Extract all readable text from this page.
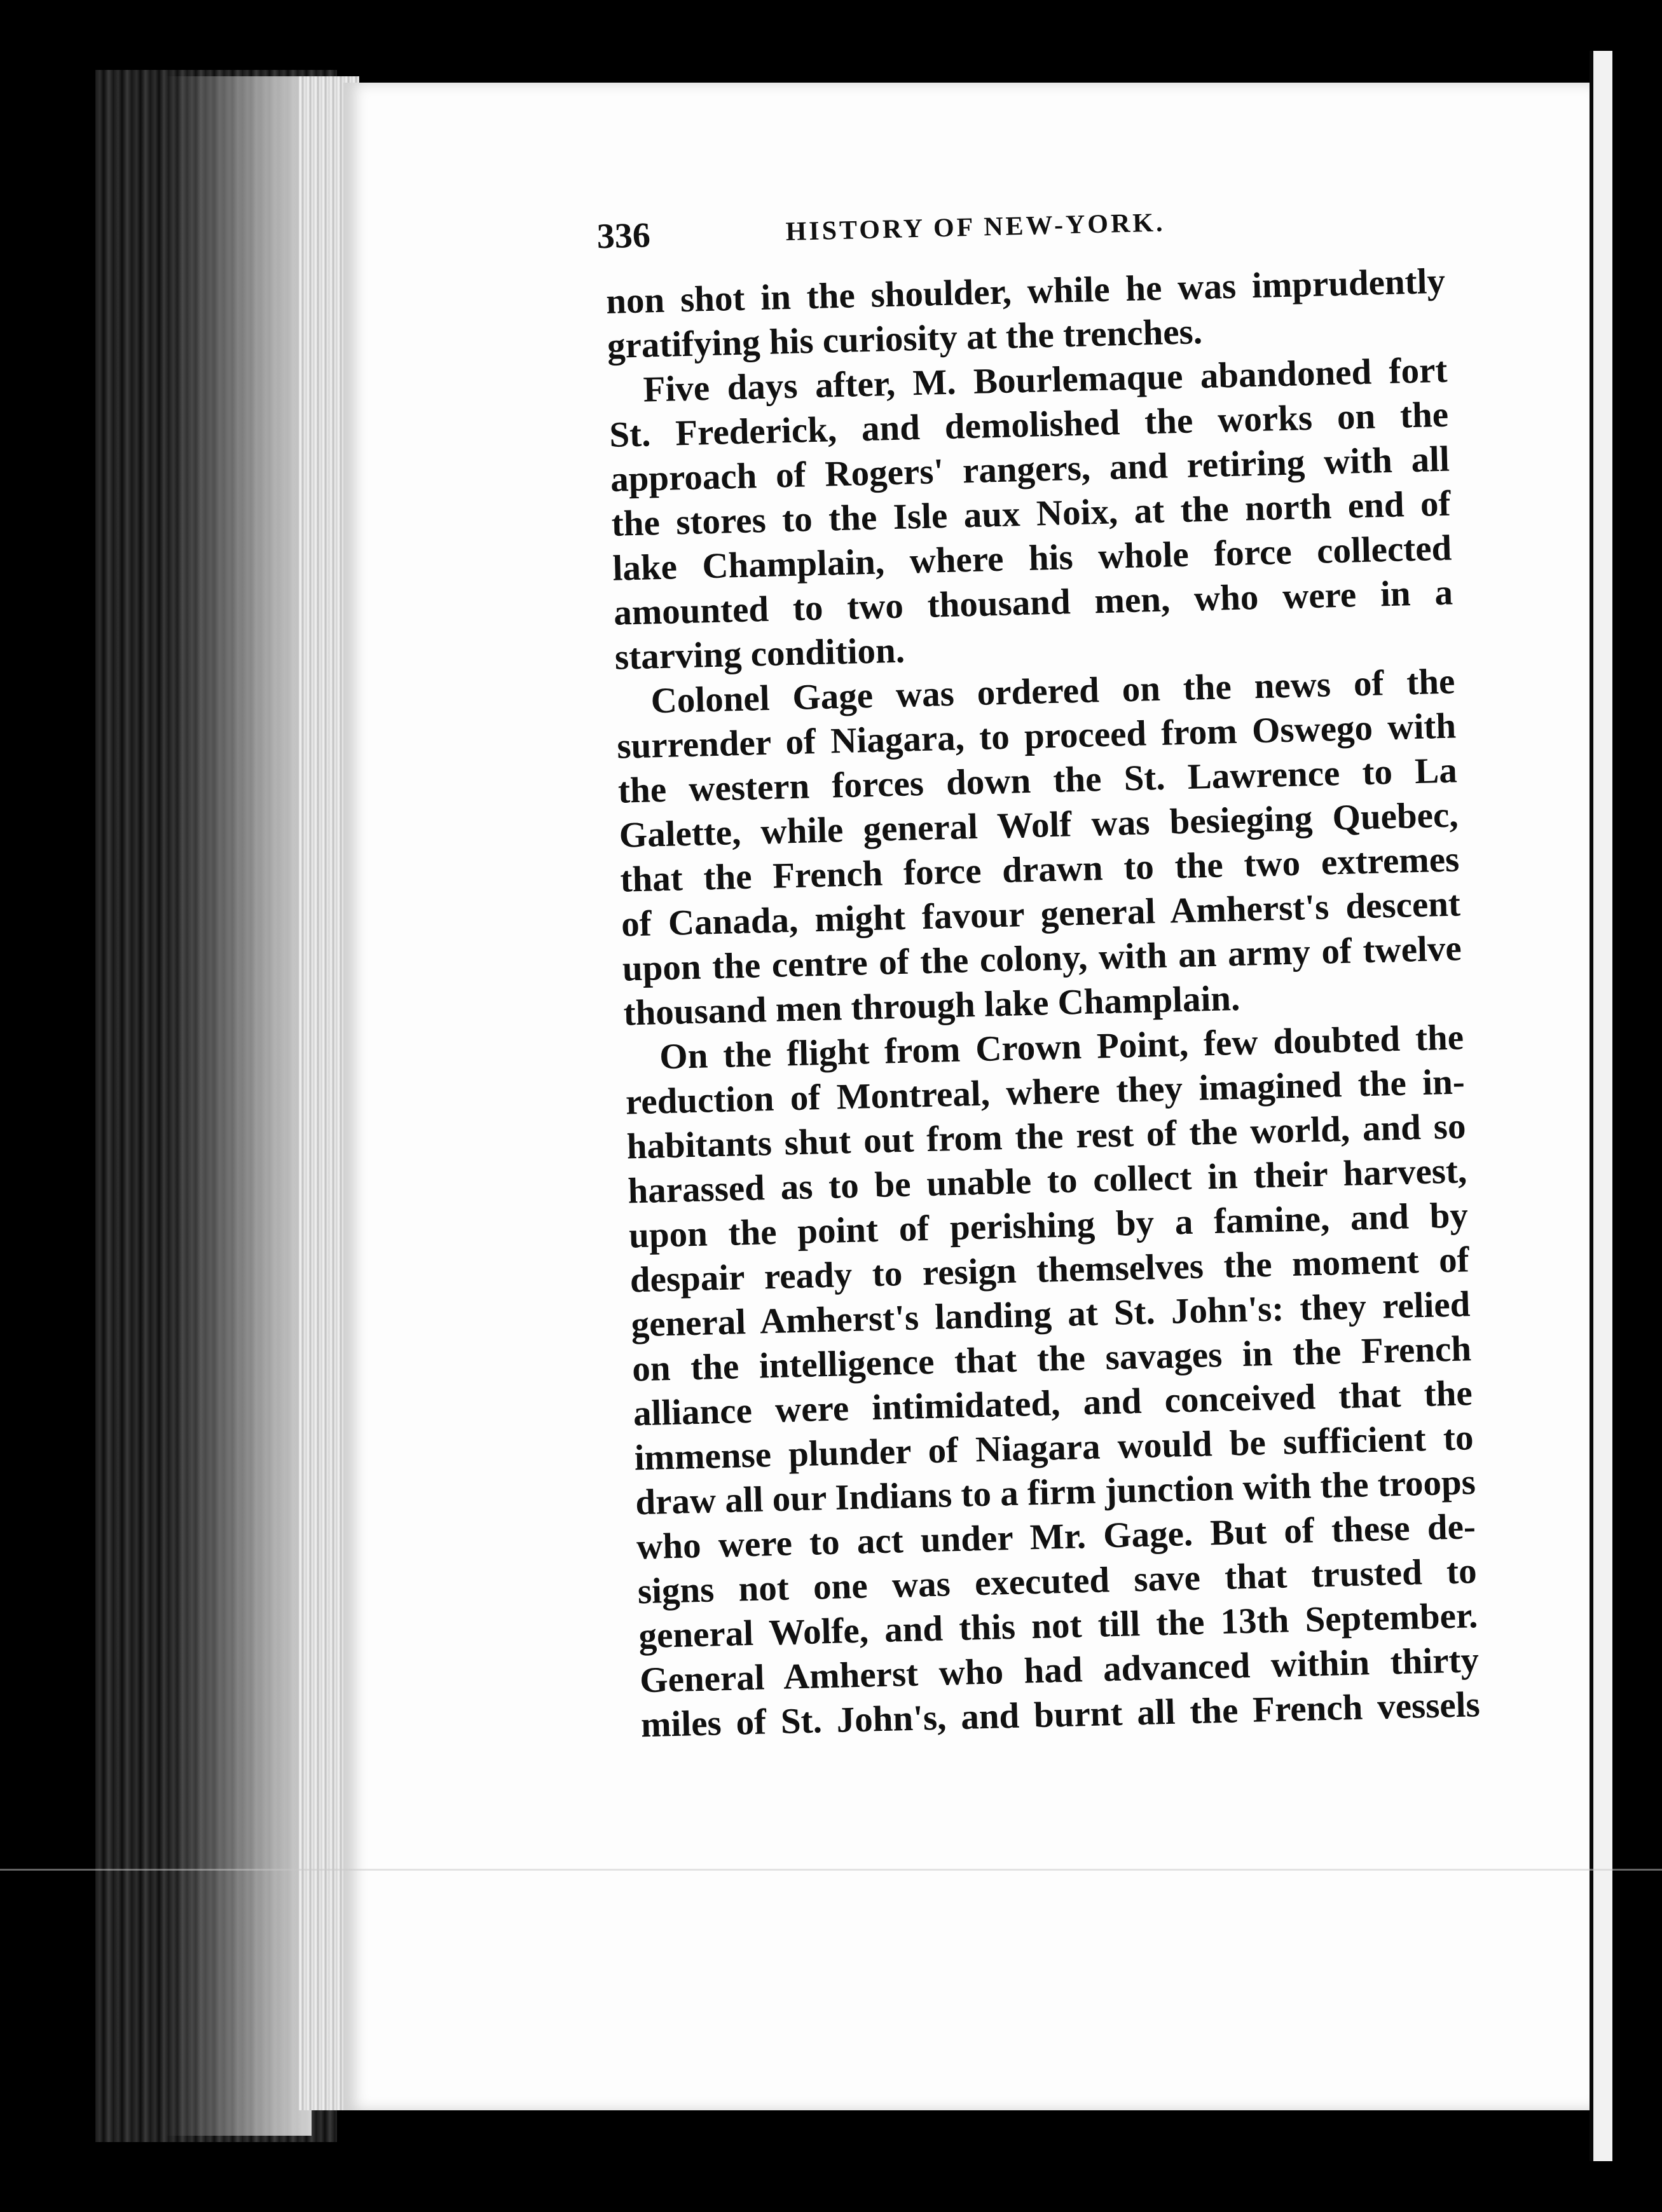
336	HISTORY OF NEW-YORK.

non shot in the shoulder, while he was imprudently
gratifying his curiosity at the trenches.

Five days after, M. Bourlemaque abandoned fort
St. Frederick, and demolished the works on the
approach of Rogers' rangers, and retiring with all
the stores to the Isle aux Noix, at the north end of
lake Champlain, where his whole force collected
amounted to two thousand men, who were in a
starving condition.

Colonel Gage was ordered on the news of the
surrender of Niagara, to proceed from Oswego with
the western forces down the St. Lawrence to La
Galette, while general Wolf was besieging Quebec,
that the French force drawn to the two extremes
of Canada, might favour general Amherst's descent
upon the centre of the colony, with an army of twelve
thousand men through lake Champlain.

On the flight from Crown Point, few doubted the
reduction of Montreal, where they imagined the in-
habitants shut out from the rest of the world, and so
harassed as to be unable to collect in their harvest,
upon the point of perishing by a famine, and by
despair ready to resign themselves the moment of
general Amherst's landing at St. John's: they relied
on the intelligence that the savages in the French
alliance were intimidated, and conceived that the
immense plunder of Niagara would be sufficient to
draw all our Indians to a firm junction with the troops
who were to act under Mr. Gage. But of these de-
signs not one was executed save that trusted to
general Wolfe, and this not till the 13th September.
General Amherst who had advanced within thirty
miles of St. John's, and burnt all the French vessels
